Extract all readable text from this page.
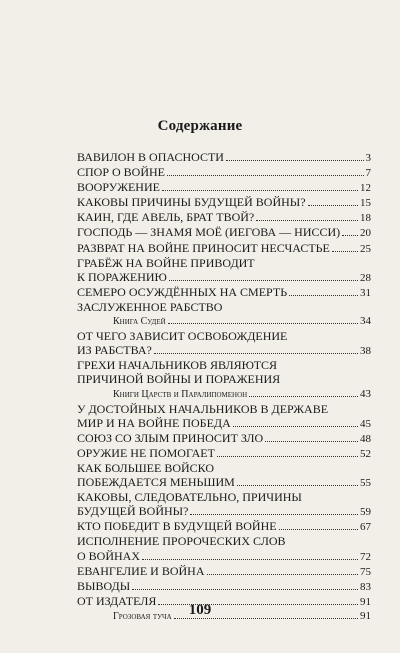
Содержание
ВАВИЛОН В ОПАСНОСТИ	3
СПОР О ВОЙНЕ	7
ВООРУЖЕНИЕ	12
КАКОВЫ ПРИЧИНЫ БУДУЩЕЙ ВОЙНЫ?	15
КАИН, ГДЕ АВЕЛЬ, БРАТ ТВОЙ?	18
ГОСПОДЬ — ЗНАМЯ МОЁ (ИЕГОВА — НИССИ) 20
РАЗВРАТ НА ВОЙНЕ ПРИНОСИТ НЕСЧАСТЬЕ	25
ГРАБЁЖ НА ВОЙНЕ ПРИВОДИТ
К ПОРАЖЕНИЮ	28
СЕМЕРО ОСУЖДЁННЫХ НА СМЕРТЬ	31
ЗАСЛУЖЕННОЕ РАБСТВО
Книга Судей	34
ОТ ЧЕГО ЗАВИСИТ ОСВОБОЖДЕНИЕ
ИЗ РАБСТВА?	38
ГРЕХИ НАЧАЛЬНИКОВ ЯВЛЯЮТСЯ
ПРИЧИНОЙ ВОЙНЫ И ПОРАЖЕНИЯ
Книги Царств и Паралипоменон	43
У ДОСТОЙНЫХ НАЧАЛЬНИКОВ В ДЕРЖАВЕ
МИР И НА ВОЙНЕ ПОБЕДА	45
СОЮЗ СО ЗЛЫМ ПРИНОСИТ ЗЛО	48
ОРУЖИЕ НЕ ПОМОГАЕТ	52
КАК БОЛЬШЕЕ ВОЙСКО
ПОБЕЖДАЕТСЯ МЕНЬШИМ	55
КАКОВЫ, СЛЕДОВАТЕЛЬНО, ПРИЧИНЫ
БУДУЩЕЙ ВОЙНЫ?	59
КТО ПОБЕДИТ В БУДУЩЕЙ ВОЙНЕ	67
ИСПОЛНЕНИЕ ПРОРОЧЕСКИХ СЛОВ
О ВОЙНАХ	72
ЕВАНГЕЛИЕ И ВОЙНА	75
ВЫВОДЫ	83
ОТ ИЗДАТЕЛЯ	91
Грозовая туча	91
109
